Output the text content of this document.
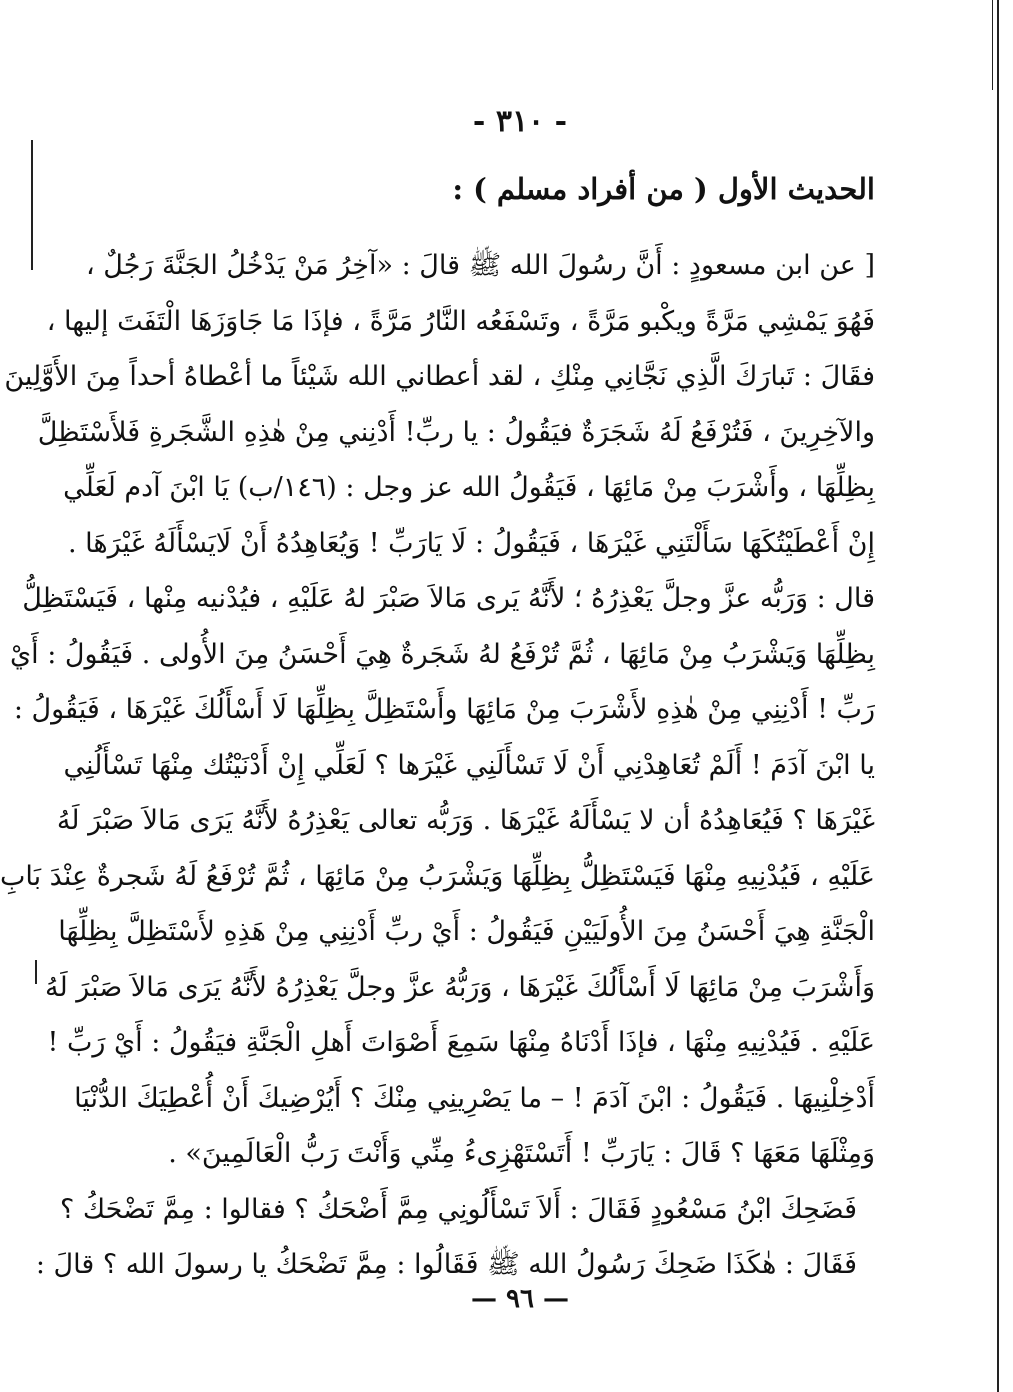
- ٣١٠ -
الحديث الأول ( من أفراد مسلم ) :
[ عن ابن مسعودٍ : أَنَّ رسُولَ الله ﷺ قالَ : «آخِرُ مَنْ يَدْخُلُ الجَنَّةَ رَجُلٌ ،
فَهُوَ يَمْشِي مَرَّةً ويكْبو مَرَّةً ، وتَسْفَعُه النَّارُ مَرَّةً ، فإذَا مَا جَاوَزَهَا الْتَفَتَ إليها ،
فقَالَ : تَبارَكَ الَّذِي نَجَّانِي مِنْكِ ، لقد أعطاني الله شَيْئاً ما أعْطاهُ أحداً مِنَ الأَوَّلِينَ
والآخِرِينَ ، فَتُرْفَعُ لَهُ شَجَرَةٌ فيَقُولُ : يا ربِّ! أَدْنِني مِنْ هٰذِهِ الشَّجَرةِ فَلأَسْتَظِلَّ
بِظِلِّهَا ، وأَشْرَبَ مِنْ مَائِهَا ، فَيَقُولُ الله عز وجل : (١٤٦/ب) يَا ابْنَ آدم لَعَلِّي
إِنْ أَعْطَيْتُكَهَا سَأَلْتَنِي غَيْرَهَا ، فَيَقُولُ : لَا يَارَبِّ ! وَيُعَاهِدُهُ أَنْ لَايَسْأَلَهُ غَيْرَهَا .
قال : وَرَبُّه عزَّ وجلَّ يَعْذِرُهُ ؛ لأَنَّهُ يَرى مَالاَ صَبْرَ لهُ عَلَيْهِ ، فيُدْنيه مِنْها ، فَيَسْتَظِلُّ
بِظِلِّهَا وَيَشْرَبُ مِنْ مَائِهَا ، ثُمَّ تُرْفَعُ لهُ شَجَرةٌ هِيَ أَحْسَنُ مِنَ الأُولى . فَيَقُولُ : أَيْ
رَبِّ ! أَدْنِنِي مِنْ هٰذِهِ لأَشْرَبَ مِنْ مَائِهَا وأَسْتَظِلَّ بِظِلِّهَا لَا أَسْأَلُكَ غَيْرَهَا ، فَيَقُولُ :
يا ابْنَ آدَمَ ! أَلَمْ تُعَاهِدْنِي أَنْ لَا تَسْأَلَنِي غَيْرَها ؟ لَعَلِّي إِنْ أَدْنَيْتُك مِنْهَا تَسْأَلُنِي
غَيْرَهَا ؟ فَيُعَاهِدُهُ أن لا يَسْأَلَهُ غَيْرَهَا . وَرَبُّه تعالى يَعْذِرُهُ لأَنَّهُ يَرَى مَالاَ صَبْرَ لَهُ
عَلَيْهِ ، فَيُدْنِيهِ مِنْهَا فَيَسْتَظِلُّ بِظِلِّهَا وَيَشْرَبُ مِنْ مَائِهَا ، ثُمَّ تُرْفَعُ لَهُ شَجرةٌ عِنْدَ بَابِ
الْجَنَّةِ هِيَ أَحْسَنُ مِنَ الأُولَيَيْنِ فَيَقُولُ : أَيْ ربِّ أَدْنِنِي مِنْ هَذِهِ لأَسْتَظِلَّ بِظِلِّهَا
وَأَشْرَبَ مِنْ مَائِهَا لَا أَسْأَلُكَ غَيْرَهَا ، وَرَبُّهُ عزَّ وجلَّ يَعْذِرُهُ لأَنَّهُ يَرَى مَالاَ صَبْرَ لَهُ
عَلَيْهِ . فَيُدْنِيهِ مِنْهَا ، فإذَا أَدْنَاهُ مِنْهَا سَمِعَ أَصْوَاتَ أَهلِ الْجَنَّةِ فيَقُولُ : أَيْ رَبِّ !
أَدْخِلْنِيهَا . فَيَقُولُ : ابْنَ آدَمَ ! – ما يَصْرِينِي مِنْكَ ؟ أَيُرْضِيكَ أَنْ أُعْطِيَكَ الدُّنْيَا
وَمِثْلَهَا مَعَهَا ؟ قَالَ : يَارَبِّ ! أَتَسْتَهْزِىءُ مِنِّي وَأَنْتَ رَبُّ الْعَالَمِينَ» .
فَضَحِكَ ابْنُ مَسْعُودٍ فَقَالَ : أَلاَ تَسْأَلُونِي مِمَّ أَضْحَكُ ؟ فقالوا : مِمَّ تَضْحَكُ ؟
فَقَالَ : هٰكَذَا ضَحِكَ رَسُولُ الله ﷺ فَقَالُوا : مِمَّ تَضْحَكُ يا رسولَ الله ؟ قالَ :
— ٩٦ —
